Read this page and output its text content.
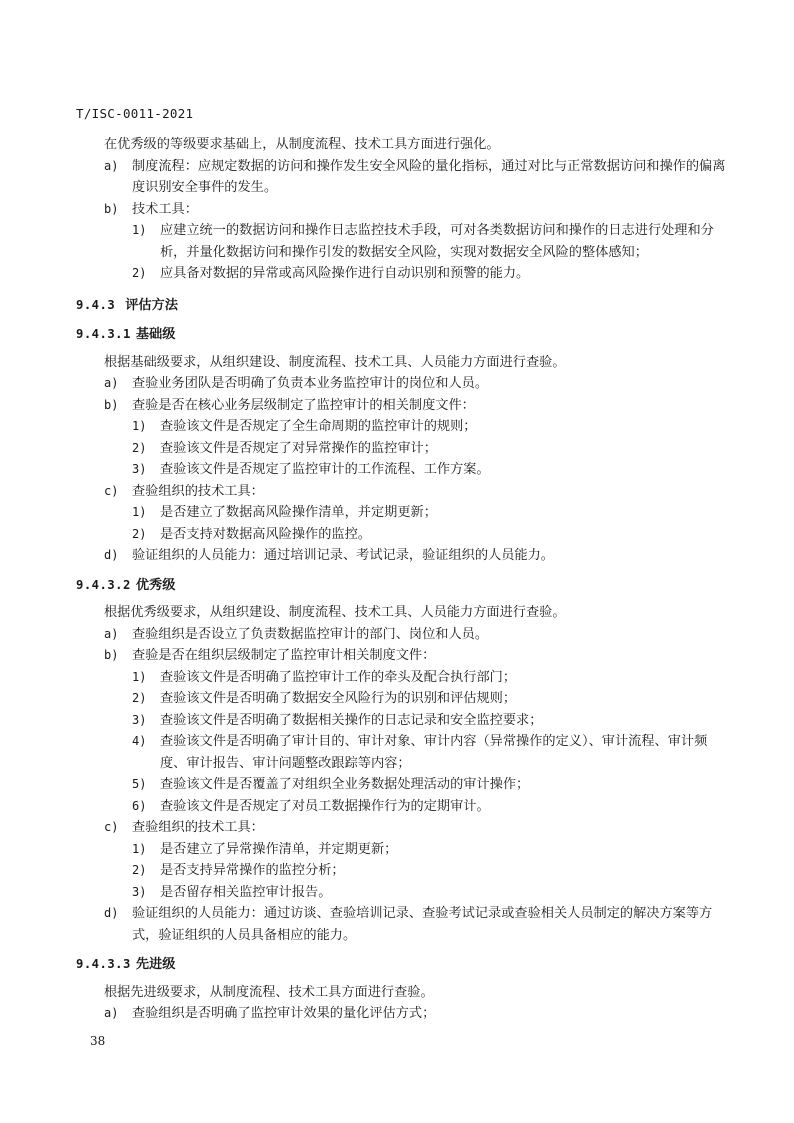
T/ISC-0011-2021
在优秀级的等级要求基础上，从制度流程、技术工具方面进行强化。
a)	制度流程：应规定数据的访问和操作发生安全风险的量化指标，通过对比与正常数据访问和操作的偏离度识别安全事件的发生。
b)	技术工具：
1)	应建立统一的数据访问和操作日志监控技术手段，可对各类数据访问和操作的日志进行处理和分析，并量化数据访问和操作引发的数据安全风险，实现对数据安全风险的整体感知；
2)	应具备对数据的异常或高风险操作进行自动识别和预警的能力。
9.4.3 评估方法
9.4.3.1 基础级
根据基础级要求，从组织建设、制度流程、技术工具、人员能力方面进行查验。
a)	查验业务团队是否明确了负责本业务监控审计的岗位和人员。
b)	查验是否在核心业务层级制定了监控审计的相关制度文件：
1)	查验该文件是否规定了全生命周期的监控审计的规则；
2)	查验该文件是否规定了对异常操作的监控审计；
3)	查验该文件是否规定了监控审计的工作流程、工作方案。
c)	查验组织的技术工具：
1)	是否建立了数据高风险操作清单，并定期更新；
2)	是否支持对数据高风险操作的监控。
d)	验证组织的人员能力：通过培训记录、考试记录，验证组织的人员能力。
9.4.3.2 优秀级
根据优秀级要求，从组织建设、制度流程、技术工具、人员能力方面进行查验。
a)	查验组织是否设立了负责数据监控审计的部门、岗位和人员。
b)	查验是否在组织层级制定了监控审计相关制度文件：
1)	查验该文件是否明确了监控审计工作的牵头及配合执行部门；
2)	查验该文件是否明确了数据安全风险行为的识别和评估规则；
3)	查验该文件是否明确了数据相关操作的日志记录和安全监控要求；
4)	查验该文件是否明确了审计目的、审计对象、审计内容（异常操作的定义）、审计流程、审计频度、审计报告、审计问题整改跟踪等内容；
5)	查验该文件是否覆盖了对组织全业务数据处理活动的审计操作；
6)	查验该文件是否规定了对员工数据操作行为的定期审计。
c)	查验组织的技术工具：
1)	是否建立了异常操作清单，并定期更新；
2)	是否支持异常操作的监控分析；
3)	是否留存相关监控审计报告。
d)	验证组织的人员能力：通过访谈、查验培训记录、查验考试记录或查验相关人员制定的解决方案等方式，验证组织的人员具备相应的能力。
9.4.3.3 先进级
根据先进级要求，从制度流程、技术工具方面进行查验。
a)	查验组织是否明确了监控审计效果的量化评估方式；
38
